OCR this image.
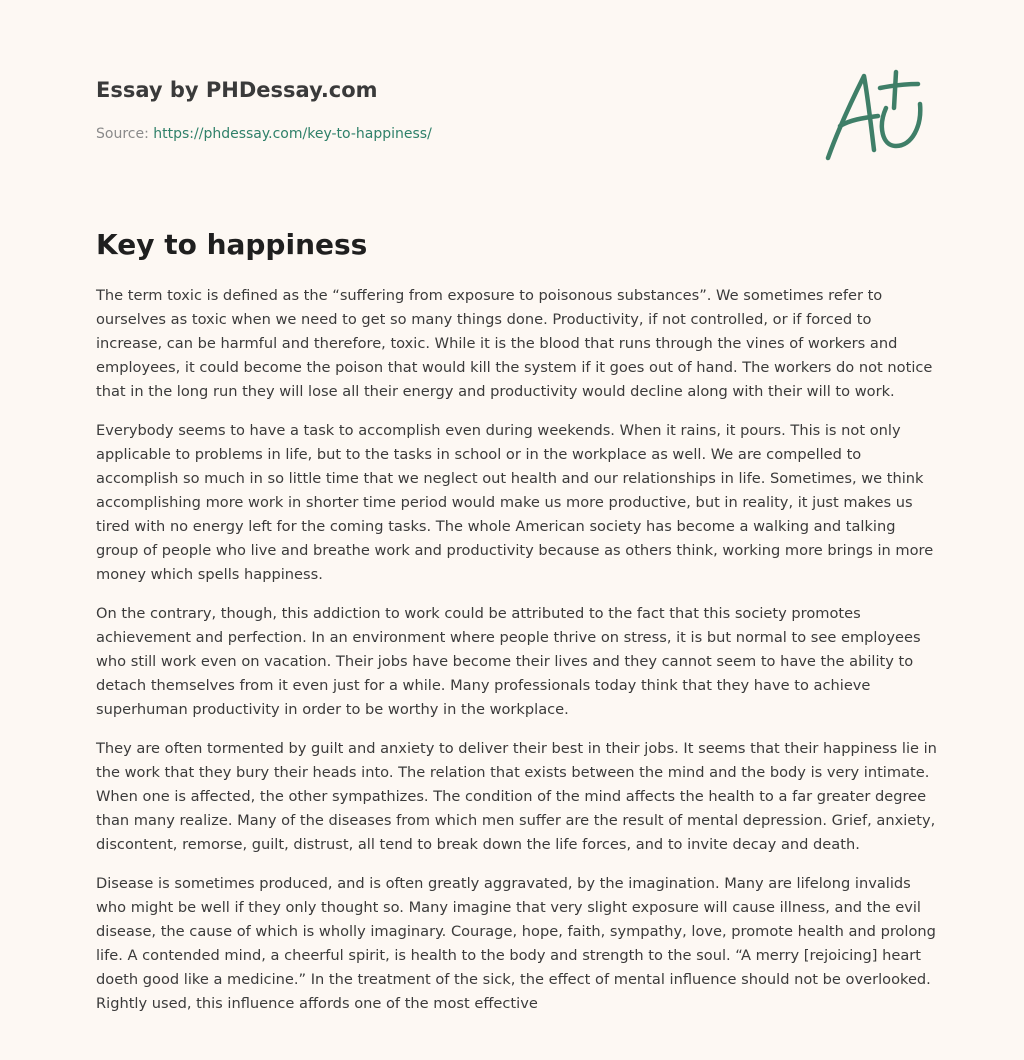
Essay by PHDessay.com
Source: https://phdessay.com/key-to-happiness/
Key to happiness

The term toxic is defined as the “suffering from exposure to poisonous substances”. We sometimes refer to ourselves as toxic when we need to get so many things done. Productivity, if not controlled, or if forced to increase, can be harmful and therefore, toxic. While it is the blood that runs through the vines of workers and employees, it could become the poison that would kill the system if it goes out of hand. The workers do not notice that in the long run they will lose all their energy and productivity would decline along with their will to work.

Everybody seems to have a task to accomplish even during weekends. When it rains, it pours. This is not only applicable to problems in life, but to the tasks in school or in the workplace as well. We are compelled to accomplish so much in so little time that we neglect out health and our relationships in life. Sometimes, we think accomplishing more work in shorter time period would make us more productive, but in reality, it just makes us tired with no energy left for the coming tasks. The whole American society has become a walking and talking group of people who live and breathe work and productivity because as others think, working more brings in more money which spells happiness.

On the contrary, though, this addiction to work could be attributed to the fact that this society promotes achievement and perfection. In an environment where people thrive on stress, it is but normal to see employees who still work even on vacation. Their jobs have become their lives and they cannot seem to have the ability to detach themselves from it even just for a while. Many professionals today think that they have to achieve superhuman productivity in order to be worthy in the workplace.

They are often tormented by guilt and anxiety to deliver their best in their jobs. It seems that their happiness lie in the work that they bury their heads into. The relation that exists between the mind and the body is very intimate. When one is affected, the other sympathizes. The condition of the mind affects the health to a far greater degree than many realize. Many of the diseases from which men suffer are the result of mental depression. Grief, anxiety, discontent, remorse, guilt, distrust, all tend to break down the life forces, and to invite decay and death.

Disease is sometimes produced, and is often greatly aggravated, by the imagination. Many are lifelong invalids who might be well if they only thought so. Many imagine that very slight exposure will cause illness, and the evil disease, the cause of which is wholly imaginary. Courage, hope, faith, sympathy, love, promote health and prolong life. A contended mind, a cheerful spirit, is health to the body and strength to the soul. “A merry [rejoicing] heart doeth good like a medicine.” In the treatment of the sick, the effect of mental influence should not be overlooked. Rightly used, this influence affords one of the most effective
